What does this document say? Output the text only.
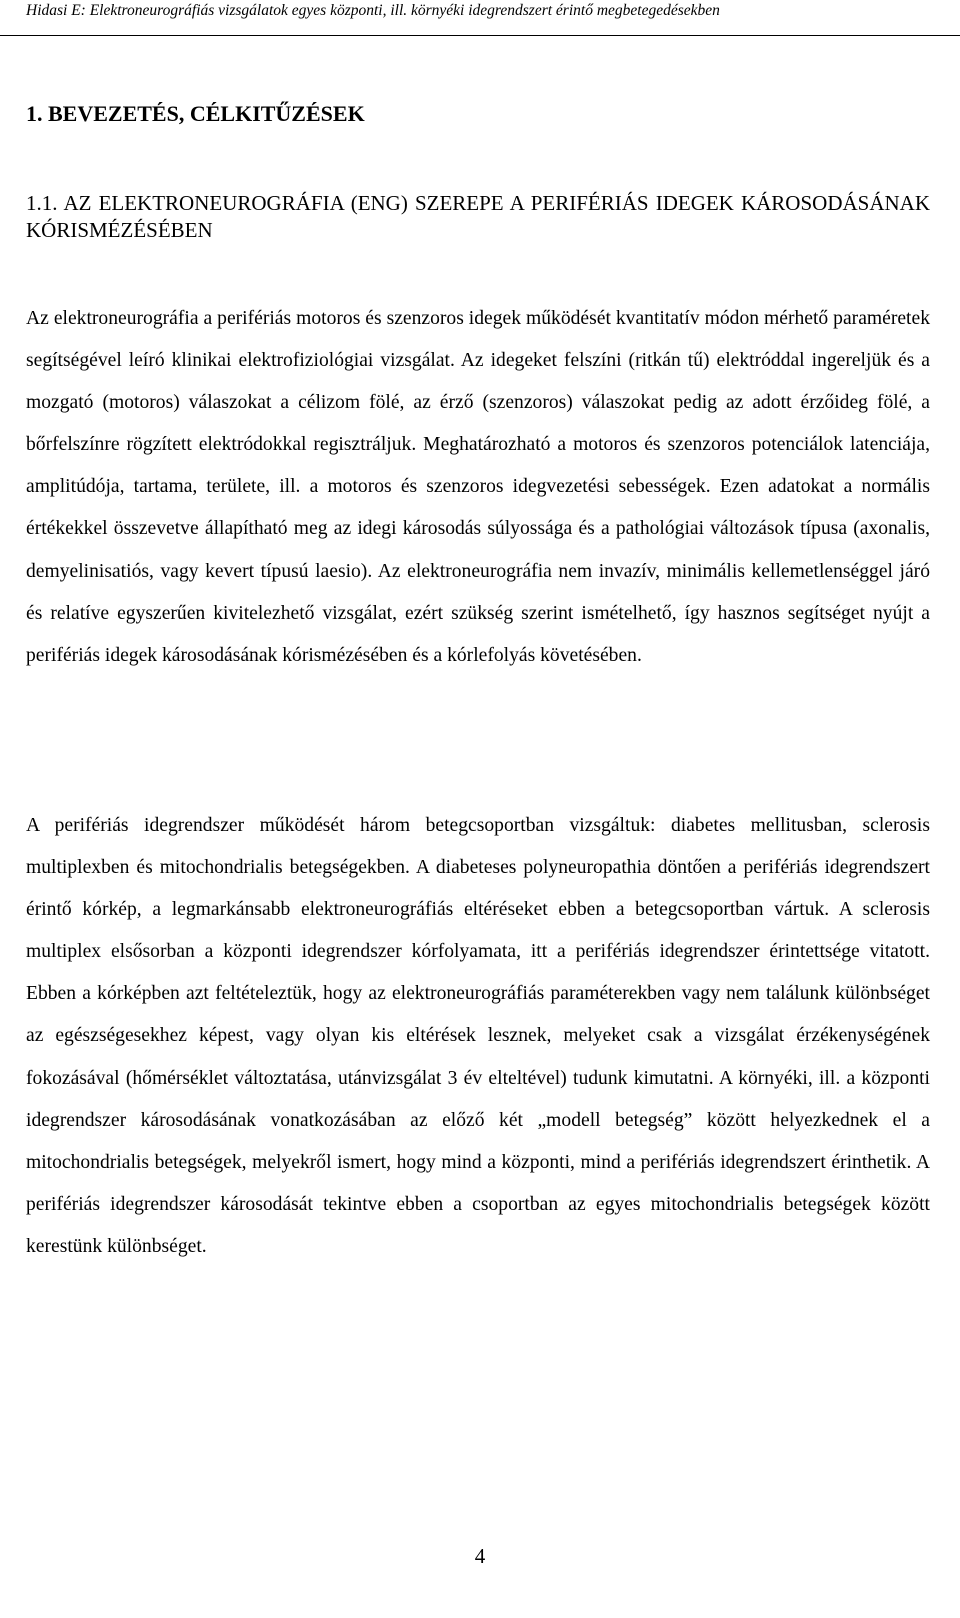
Hidasi E: Elektroneurográfiás vizsgálatok egyes központi, ill. környéki idegrendszert érintő megbetegedésekben
1. BEVEZETÉS, CÉLKITŰZÉSEK
1.1. AZ ELEKTRONEUROGRÁFIA (ENG) SZEREPE A PERIFÉRIÁS IDEGEK KÁROSODÁSÁNAK KÓRISMÉZÉSÉBEN

Az elektroneurográfia a perifériás motoros és szenzoros idegek működését kvantitatív módon mérhető paraméretek segítségével leíró klinikai elektrofiziológiai vizsgálat. Az idegeket felszíni (ritkán tű) elektróddal ingereljük és a mozgató (motoros) válaszokat a célizom fölé, az érző (szenzoros) válaszokat pedig az adott érzőideg fölé, a bőrfelszínre rögzített elektródokkal regisztráljuk. Meghatározható a motoros és szenzoros potenciálok latenciája, amplitúdója, tartama, területe, ill. a motoros és szenzoros idegvezetési sebességek. Ezen adatokat a normális értékekkel összevetve állapítható meg az idegi károsodás súlyossága és a pathológiai változások típusa (axonalis, demyelinisatiós, vagy kevert típusú laesio). Az elektroneurográfia nem invazív, minimális kellemetlenséggel járó és relatíve egyszerűen kivitelezhető vizsgálat, ezért szükség szerint ismételhető, így hasznos segítséget nyújt a perifériás idegek károsodásának kórismézésében és a kórlefolyás követésében.

A perifériás idegrendszer működését három betegcsoportban vizsgáltuk: diabetes mellitusban, sclerosis multiplexben és mitochondrialis betegségekben. A diabeteses polyneuropathia döntően a perifériás idegrendszert érintő kórkép, a legmarkánsabb elektroneurográfiás eltéréseket ebben a betegcsoportban vártuk. A sclerosis multiplex elsősorban a központi idegrendszer kórfolyamata, itt a perifériás idegrendszer érintettsége vitatott. Ebben a kórképben azt feltételeztük, hogy az elektroneurográfiás paraméterekben vagy nem találunk különbséget az egészségesekhez képest, vagy olyan kis eltérések lesznek, melyeket csak a vizsgálat érzékenységének fokozásával (hőmérséklet változtatása, utánvizsgálat 3 év elteltével) tudunk kimutatni. A környéki, ill. a központi idegrendszer károsodásának vonatkozásában az előző két „modell betegség” között helyezkednek el a mitochondrialis betegségek, melyekről ismert, hogy mind a központi, mind a perifériás idegrendszert érinthetik. A perifériás idegrendszer károsodását tekintve ebben a csoportban az egyes mitochondrialis betegségek között kerestünk különbséget.

4
